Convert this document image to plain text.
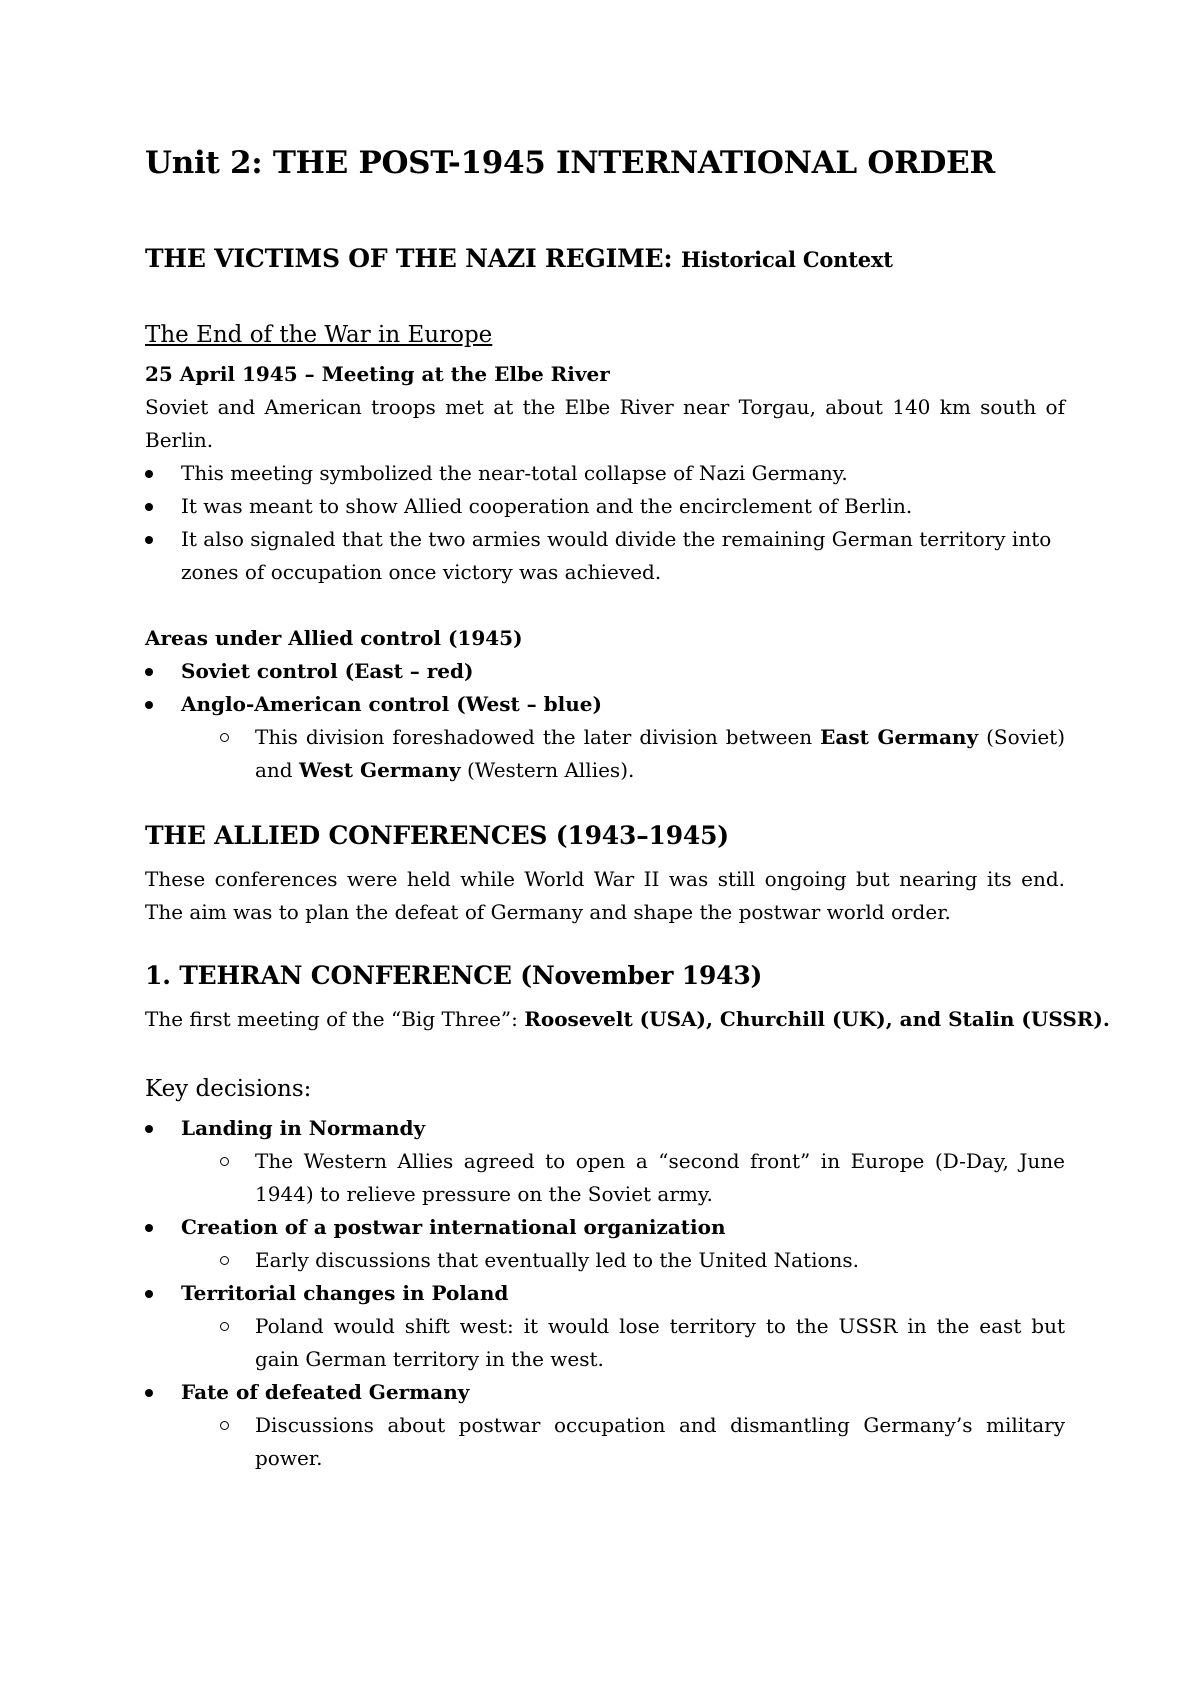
Unit 2: THE POST-1945 INTERNATIONAL ORDER
THE VICTIMS OF THE NAZI REGIME: Historical Context
The End of the War in Europe
25 April 1945 – Meeting at the Elbe River
Soviet and American troops met at the Elbe River near Torgau, about 140 km south of Berlin.
This meeting symbolized the near-total collapse of Nazi Germany.
It was meant to show Allied cooperation and the encirclement of Berlin.
It also signaled that the two armies would divide the remaining German territory into zones of occupation once victory was achieved.
Areas under Allied control (1945)
Soviet control (East – red)
Anglo-American control (West – blue)
This division foreshadowed the later division between East Germany (Soviet) and West Germany (Western Allies).
THE ALLIED CONFERENCES (1943–1945)
These conferences were held while World War II was still ongoing but nearing its end. The aim was to plan the defeat of Germany and shape the postwar world order.
1. TEHRAN CONFERENCE (November 1943)
The first meeting of the “Big Three”: Roosevelt (USA), Churchill (UK), and Stalin (USSR).
Key decisions:
Landing in Normandy
The Western Allies agreed to open a “second front” in Europe (D-Day, June 1944) to relieve pressure on the Soviet army.
Creation of a postwar international organization
Early discussions that eventually led to the United Nations.
Territorial changes in Poland
Poland would shift west: it would lose territory to the USSR in the east but gain German territory in the west.
Fate of defeated Germany
Discussions about postwar occupation and dismantling Germany’s military power.
